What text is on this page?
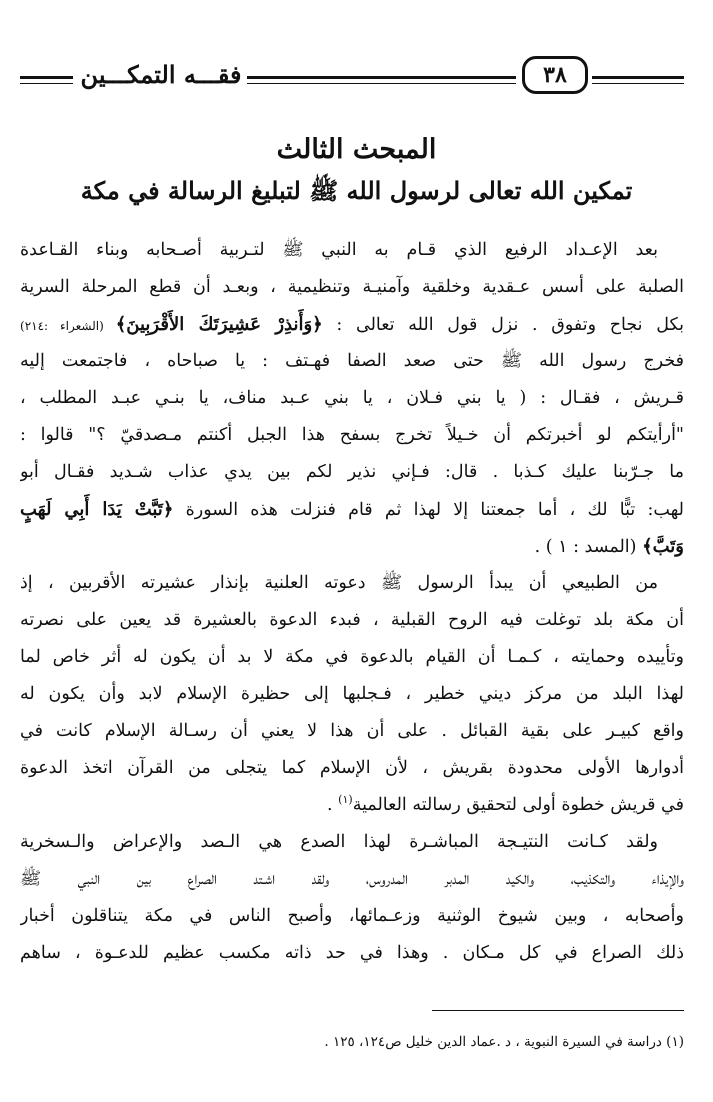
٣٨
فقـــه التمكـــين
المبحث الثالث
تمكين الله تعالى لرسول الله ﷺ لتبليغ الرسالة في مكة
بعد الإعـداد الرفيع الذي قـام به النبي ﷺ لتـربية أصـحابه وبناء القـاعدة
الصلبة على أسس عـقدية وخلقية وآمنيـة وتنظيمية ، وبعـد أن قطع المرحلة السرية
بكل نجاح وتفوق . نزل قول الله تعالى : ﴿وَأَنذِرْ عَشِيرَتَكَ الأَقْرَبِينَ﴾ (الشعراء :٢١٤)
فخرج رسول الله ﷺ حتى صعد الصفا فهـتف : يا صباحاه ، فاجتمعت إليه
قـريش ، فقـال : ( يا بني فـلان ، يا بني عـبد مناف، يا بنـي عبـد المطلب ،
"أرأيتكم لو أخبرتكم أن خـيلاً تخرج بسفح هذا الجبل أكنتم مـصدقيّ ؟" قالوا :
ما جـرّبنا عليك كـذبا . قال: فـإني نذير لكم بين يدي عذاب شـديد فقـال أبو
لهب: تبًّا لك ، أما جمعتنا إلا لهذا ثم قام فنزلت هذه السورة ﴿تَبَّتْ يَدَا أَبِي لَهَبٍ
وَتَبَّ﴾ (المسد : ١ ) .
من الطبيعي أن يبدأ الرسول ﷺ دعوته العلنية بإنذار عشيرته الأقربين ، إذ
أن مكة بلد توغلت فيه الروح القبلية ، فبدء الدعوة بالعشيرة قد يعين على نصرته
وتأييده وحمايته ، كـمـا أن القيام بالدعوة في مكة لا بد أن يكون له أثر خاص لما
لهذا البلد من مركز ديني خطير ، فـجلبها إلى حظيرة الإسلام لابد وأن يكون له
واقع كبيـر على بقية القبائل . على أن هذا لا يعني أن رسـالة الإسلام كانت في
أدوارها الأولى محدودة بقريش ، لأن الإسلام كما يتجلى من القرآن اتخذ الدعوة
في قريش خطوة أولى لتحقيق رسالته العالمية$^{(١)}$ .
ولقد كـانت النتيـجة المباشـرة لهذا الصدع هي الـصد والإعراض والـسخرية
والإيذاء والتكذيب، والكيد المدبر المدروس، ولقد اشـتد الصراع بين النبي ﷺ
وأصحابه ، وبين شيوخ الوثنية وزعـمائها، وأصبح الناس في مكة يتناقلون أخبار
ذلك الصراع في كل مـكان . وهذا في حد ذاته مكسب عظيم للدعـوة ، ساهم
(١) دراسة في السيرة النبوية ، د .عماد الدين خليل ص١٢٤، ١٢٥ .
